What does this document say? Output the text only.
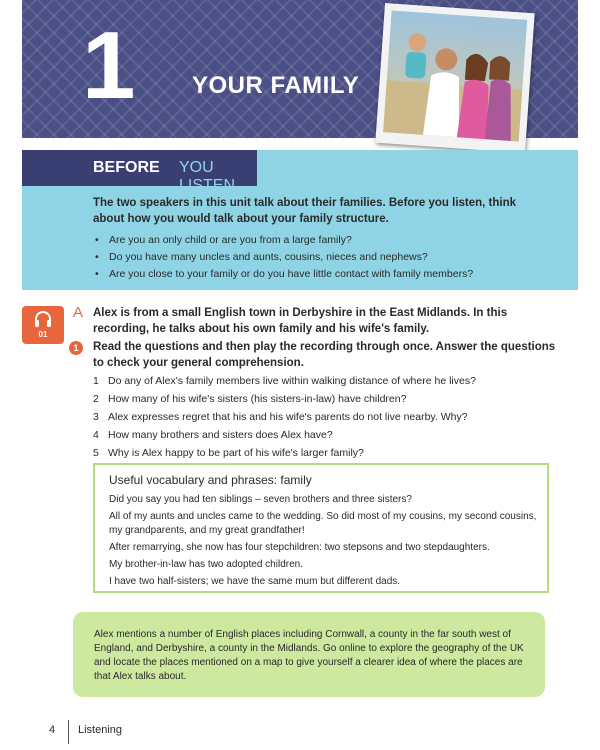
1 YOUR FAMILY
BEFORE YOU LISTEN

The two speakers in this unit talk about their families. Before you listen, think about how you would talk about your family structure.

• Are you an only child or are you from a large family?
• Do you have many uncles and aunts, cousins, nieces and nephews?
• Are you close to your family or do you have little contact with family members?
01
A Alex is from a small English town in Derbyshire in the East Midlands. In this recording, he talks about his own family and his wife's family.

1	Read the questions and then play the recording through once. Answer the questions to check your general comprehension.

1 Do any of Alex's family members live within walking distance of where he lives?
2 How many of his wife's sisters (his sisters-in-law) have children?
3 Alex expresses regret that his and his wife's parents do not live nearby. Why?
4 How many brothers and sisters does Alex have?
5 Why is Alex happy to be part of his wife's larger family?
Useful vocabulary and phrases: family
Did you say you had ten siblings – seven brothers and three sisters?
All of my aunts and uncles came to the wedding. So did most of my cousins, my second cousins, my grandparents, and my great grandfather!
After remarrying, she now has four stepchildren: two stepsons and two stepdaughters.
My brother-in-law has two adopted children.
I have two half-sisters; we have the same mum but different dads.

Alex mentions a number of English places including Cornwall, a county in the far south west of England, and Derbyshire, a county in the Midlands. Go online to explore the geography of the UK and locate the places mentioned on a map to give yourself a clearer idea of where the places are that Alex talks about.

4 Listening
